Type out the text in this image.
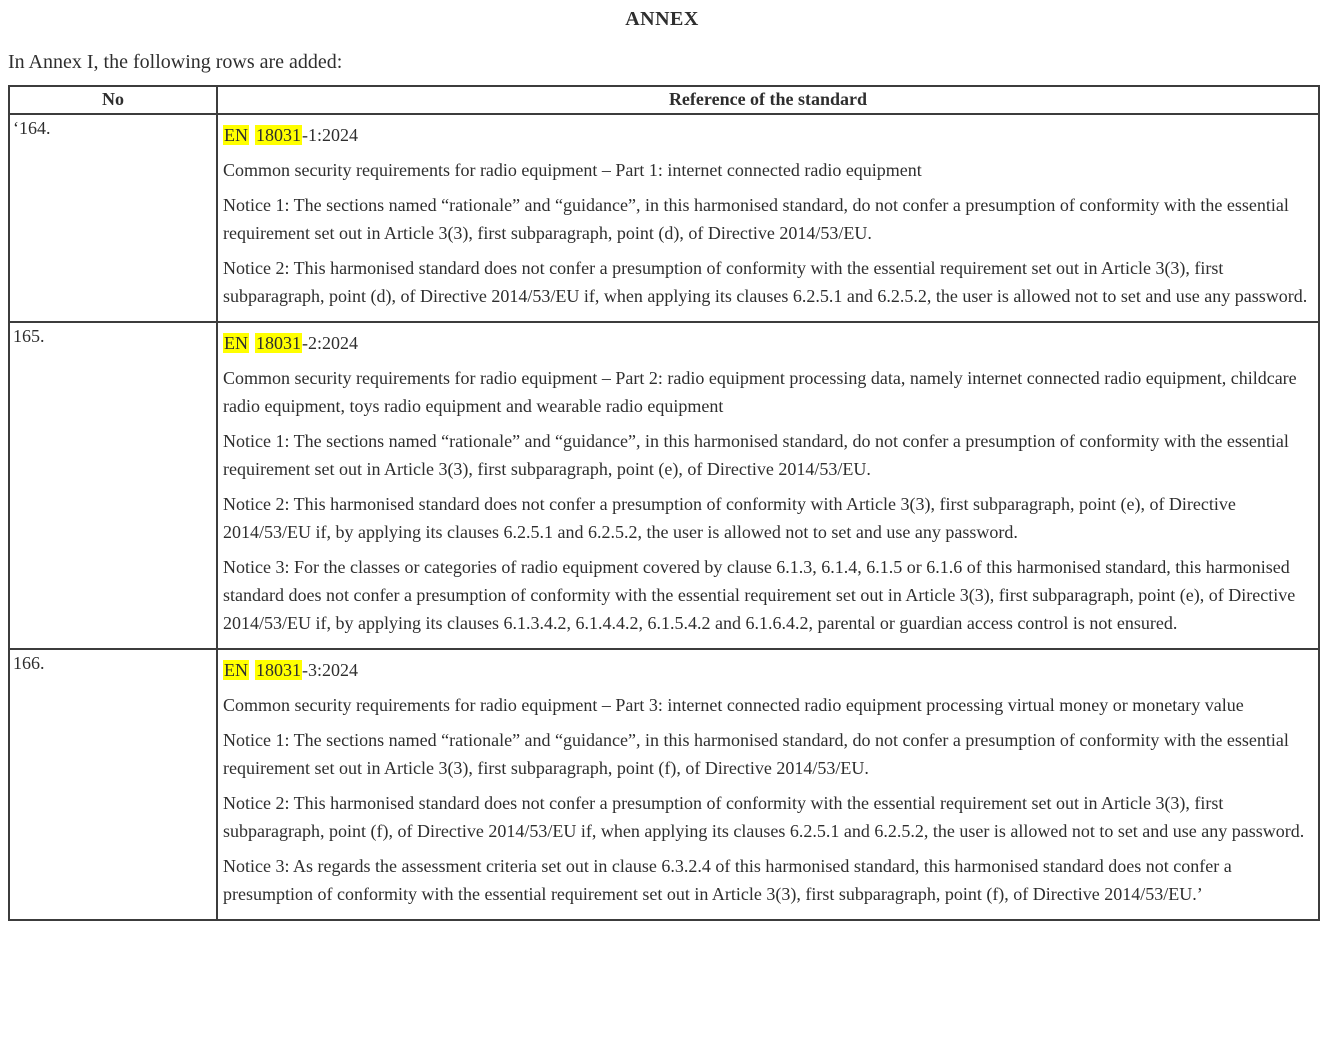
ANNEX
In Annex I, the following rows are added:
No	Reference of the standard
‘164.	EN 18031-1:2024

Common security requirements for radio equipment – Part 1: internet connected radio equipment

Notice 1: The sections named “rationale” and “guidance”, in this harmonised standard, do not confer a presumption of conformity with the essential requirement set out in Article 3(3), first subparagraph, point (d), of Directive 2014/53/EU.

Notice 2: This harmonised standard does not confer a presumption of conformity with the essential requirement set out in Article 3(3), first subparagraph, point (d), of Directive 2014/53/EU if, when applying its clauses 6.2.5.1 and 6.2.5.2, the user is allowed not to set and use any password.

165.	EN 18031-2:2024

Common security requirements for radio equipment – Part 2: radio equipment processing data, namely internet connected radio equipment, childcare radio equipment, toys radio equipment and wearable radio equipment

Notice 1: The sections named “rationale” and “guidance”, in this harmonised standard, do not confer a presumption of conformity with the essential requirement set out in Article 3(3), first subparagraph, point (e), of Directive 2014/53/EU.

Notice 2: This harmonised standard does not confer a presumption of conformity with Article 3(3), first subparagraph, point (e), of Directive 2014/53/EU if, by applying its clauses 6.2.5.1 and 6.2.5.2, the user is allowed not to set and use any password.

Notice 3: For the classes or categories of radio equipment covered by clause 6.1.3, 6.1.4, 6.1.5 or 6.1.6 of this harmonised standard, this harmonised standard does not confer a presumption of conformity with the essential requirement set out in Article 3(3), first subparagraph, point (e), of Directive 2014/53/EU if, by applying its clauses 6.1.3.4.2, 6.1.4.4.2, 6.1.5.4.2 and 6.1.6.4.2, parental or guardian access control is not ensured.

166.	EN 18031-3:2024

Common security requirements for radio equipment – Part 3: internet connected radio equipment processing virtual money or monetary value

Notice 1: The sections named “rationale” and “guidance”, in this harmonised standard, do not confer a presumption of conformity with the essential requirement set out in Article 3(3), first subparagraph, point (f), of Directive 2014/53/EU.

Notice 2: This harmonised standard does not confer a presumption of conformity with the essential requirement set out in Article 3(3), first subparagraph, point (f), of Directive 2014/53/EU if, when applying its clauses 6.2.5.1 and 6.2.5.2, the user is allowed not to set and use any password.

Notice 3: As regards the assessment criteria set out in clause 6.3.2.4 of this harmonised standard, this harmonised standard does not confer a presumption of conformity with the essential requirement set out in Article 3(3), first subparagraph, point (f), of Directive 2014/53/EU.’
